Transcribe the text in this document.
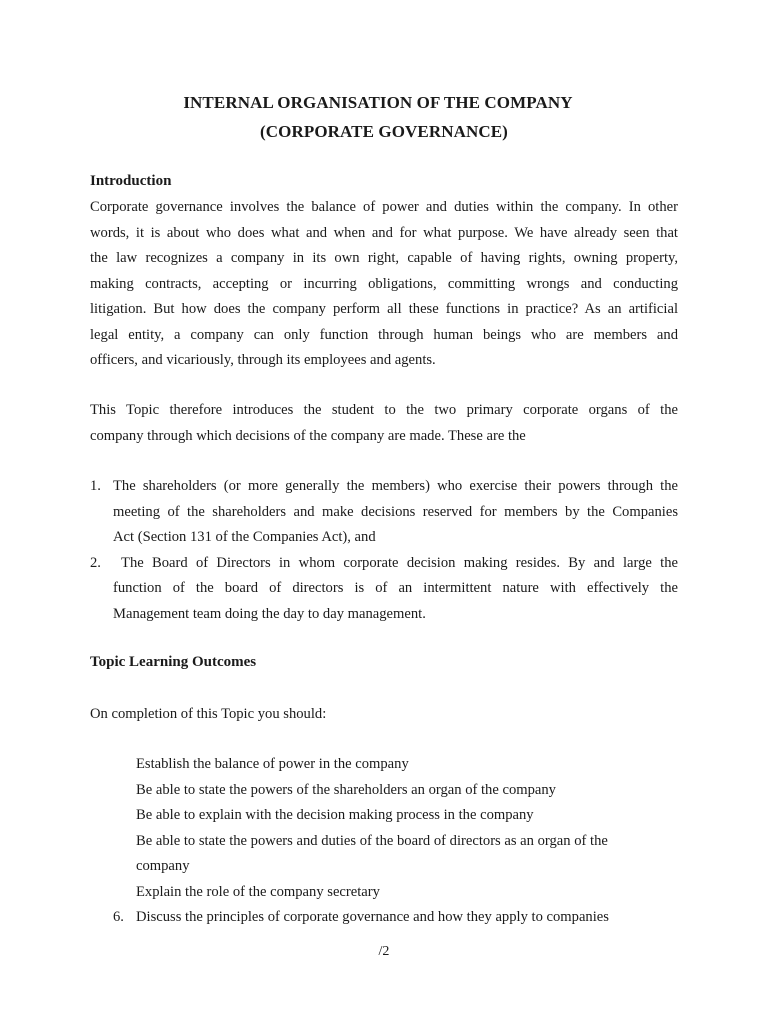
INTERNAL ORGANISATION OF THE COMPANY
(CORPORATE GOVERNANCE)
Introduction
Corporate governance involves the balance of power and duties within the company. In other
words, it is about who does what and when and for what purpose. We have already seen that
the law recognizes a company in its own right, capable of having rights, owning property,
making contracts, accepting or incurring obligations, committing wrongs and conducting
litigation. But how does the company perform all these functions in practice? As an artificial
legal entity, a company can only function through human beings who are members and
officers, and vicariously, through its employees and agents.
This Topic therefore introduces the student to the two primary corporate organs of the
company through which decisions of the company are made. These are the
1. The shareholders (or more generally the members) who exercise their powers through the
meeting of the shareholders and make decisions reserved for members by the Companies
Act (Section 131 of the Companies Act), and
2. The Board of Directors in whom corporate decision making resides. By and large the
function of the board of directors is of an intermittent nature with effectively the
Management team doing the day to day management.
Topic Learning Outcomes
On completion of this Topic you should:
Establish the balance of power in the company
Be able to state the powers of the shareholders an organ of the company
Be able to explain with the decision making process in the company
Be able to state the powers and duties of the board of directors as an organ of the
company
Explain the role of the company secretary
6. Discuss the principles of corporate governance and how they apply to companies
/2
